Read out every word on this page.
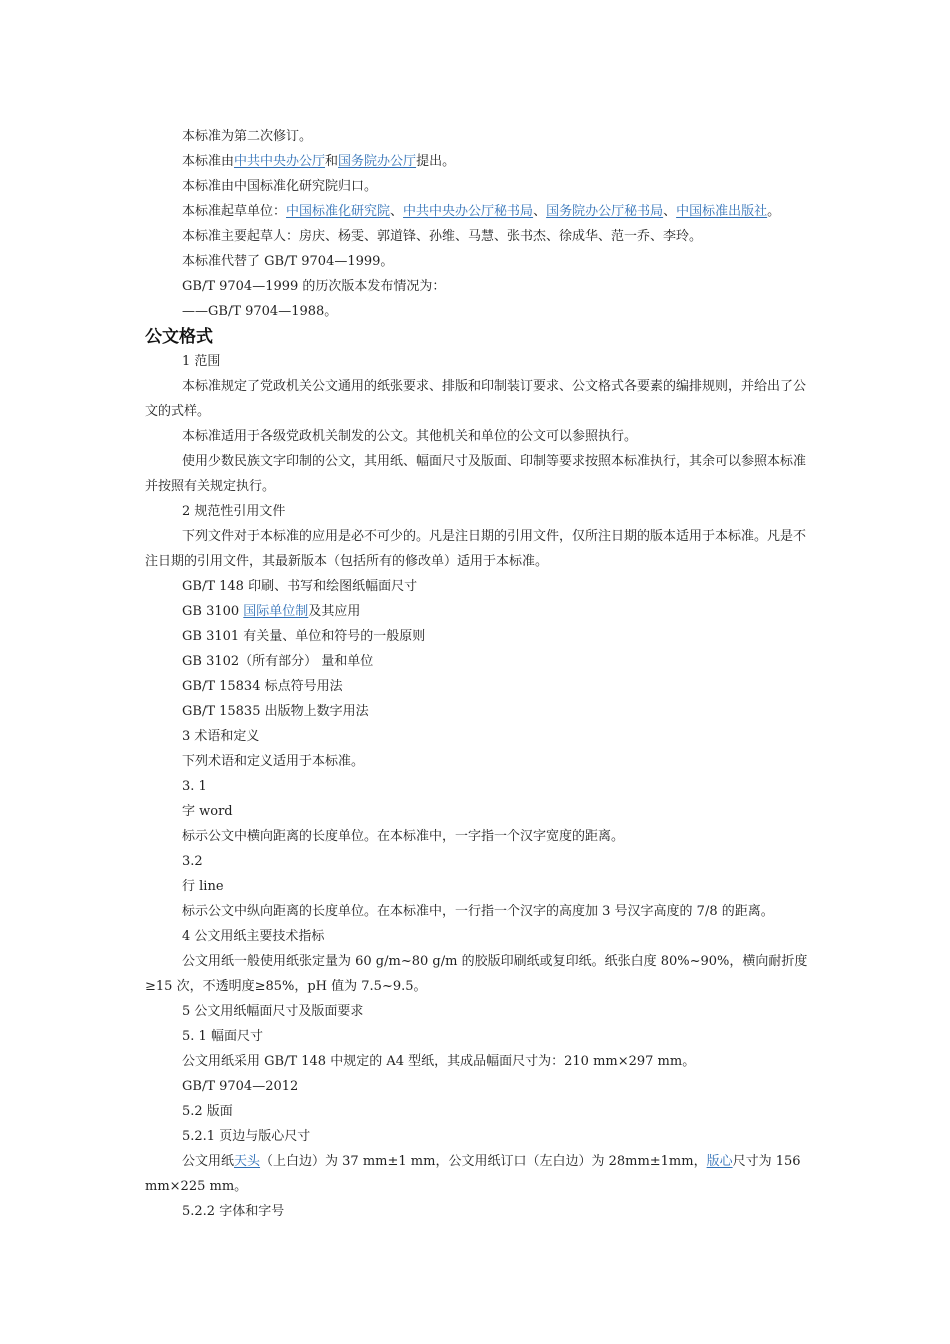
本标准为第二次修订。

本标准由中共中央办公厅和国务院办公厅提出。

本标准由中国标准化研究院归口。

本标准起草单位：中国标准化研究院、中共中央办公厅秘书局、国务院办公厅秘书局、中国标准出版社。

本标准主要起草人：房庆、杨雯、郭道锋、孙维、马慧、张书杰、徐成华、范一乔、李玲。

本标准代替了 GB/T 9704—1999。

GB/T 9704—1999 的历次版本发布情况为：

——GB/T 9704—1988。

公文格式

1 范围

本标准规定了党政机关公文通用的纸张要求、排版和印制装订要求、公文格式各要素的编排规则，并给出了公文的式样。

本标准适用于各级党政机关制发的公文。其他机关和单位的公文可以参照执行。

使用少数民族文字印制的公文，其用纸、幅面尺寸及版面、印制等要求按照本标准执行，其余可以参照本标准并按照有关规定执行。

2 规范性引用文件

下列文件对于本标准的应用是必不可少的。凡是注日期的引用文件，仅所注日期的版本适用于本标准。凡是不注日期的引用文件，其最新版本（包括所有的修改单）适用于本标准。

GB/T 148 印刷、书写和绘图纸幅面尺寸

GB 3100 国际单位制及其应用

GB 3101 有关量、单位和符号的一般原则

GB 3102（所有部分） 量和单位

GB/T 15834 标点符号用法

GB/T 15835 出版物上数字用法

3 术语和定义

下列术语和定义适用于本标准。

3. 1

字 word

标示公文中横向距离的长度单位。在本标准中，一字指一个汉字宽度的距离。

3.2

行 line

标示公文中纵向距离的长度单位。在本标准中，一行指一个汉字的高度加 3 号汉字高度的 7/8 的距离。

4 公文用纸主要技术指标

公文用纸一般使用纸张定量为 60 g/m~80 g/m 的胶版印刷纸或复印纸。纸张白度 80%~90%，横向耐折度≥15 次，不透明度≥85%，pH 值为 7.5~9.5。

5 公文用纸幅面尺寸及版面要求

5. 1 幅面尺寸

公文用纸采用 GB/T 148 中规定的 A4 型纸，其成品幅面尺寸为：210 mm×297 mm。

GB/T 9704—2012

5.2 版面

5.2.1 页边与版心尺寸

公文用纸天头（上白边）为 37 mm±1 mm，公文用纸订口（左白边）为 28mm±1mm，版心尺寸为 156 mm×225 mm。

5.2.2 字体和字号
